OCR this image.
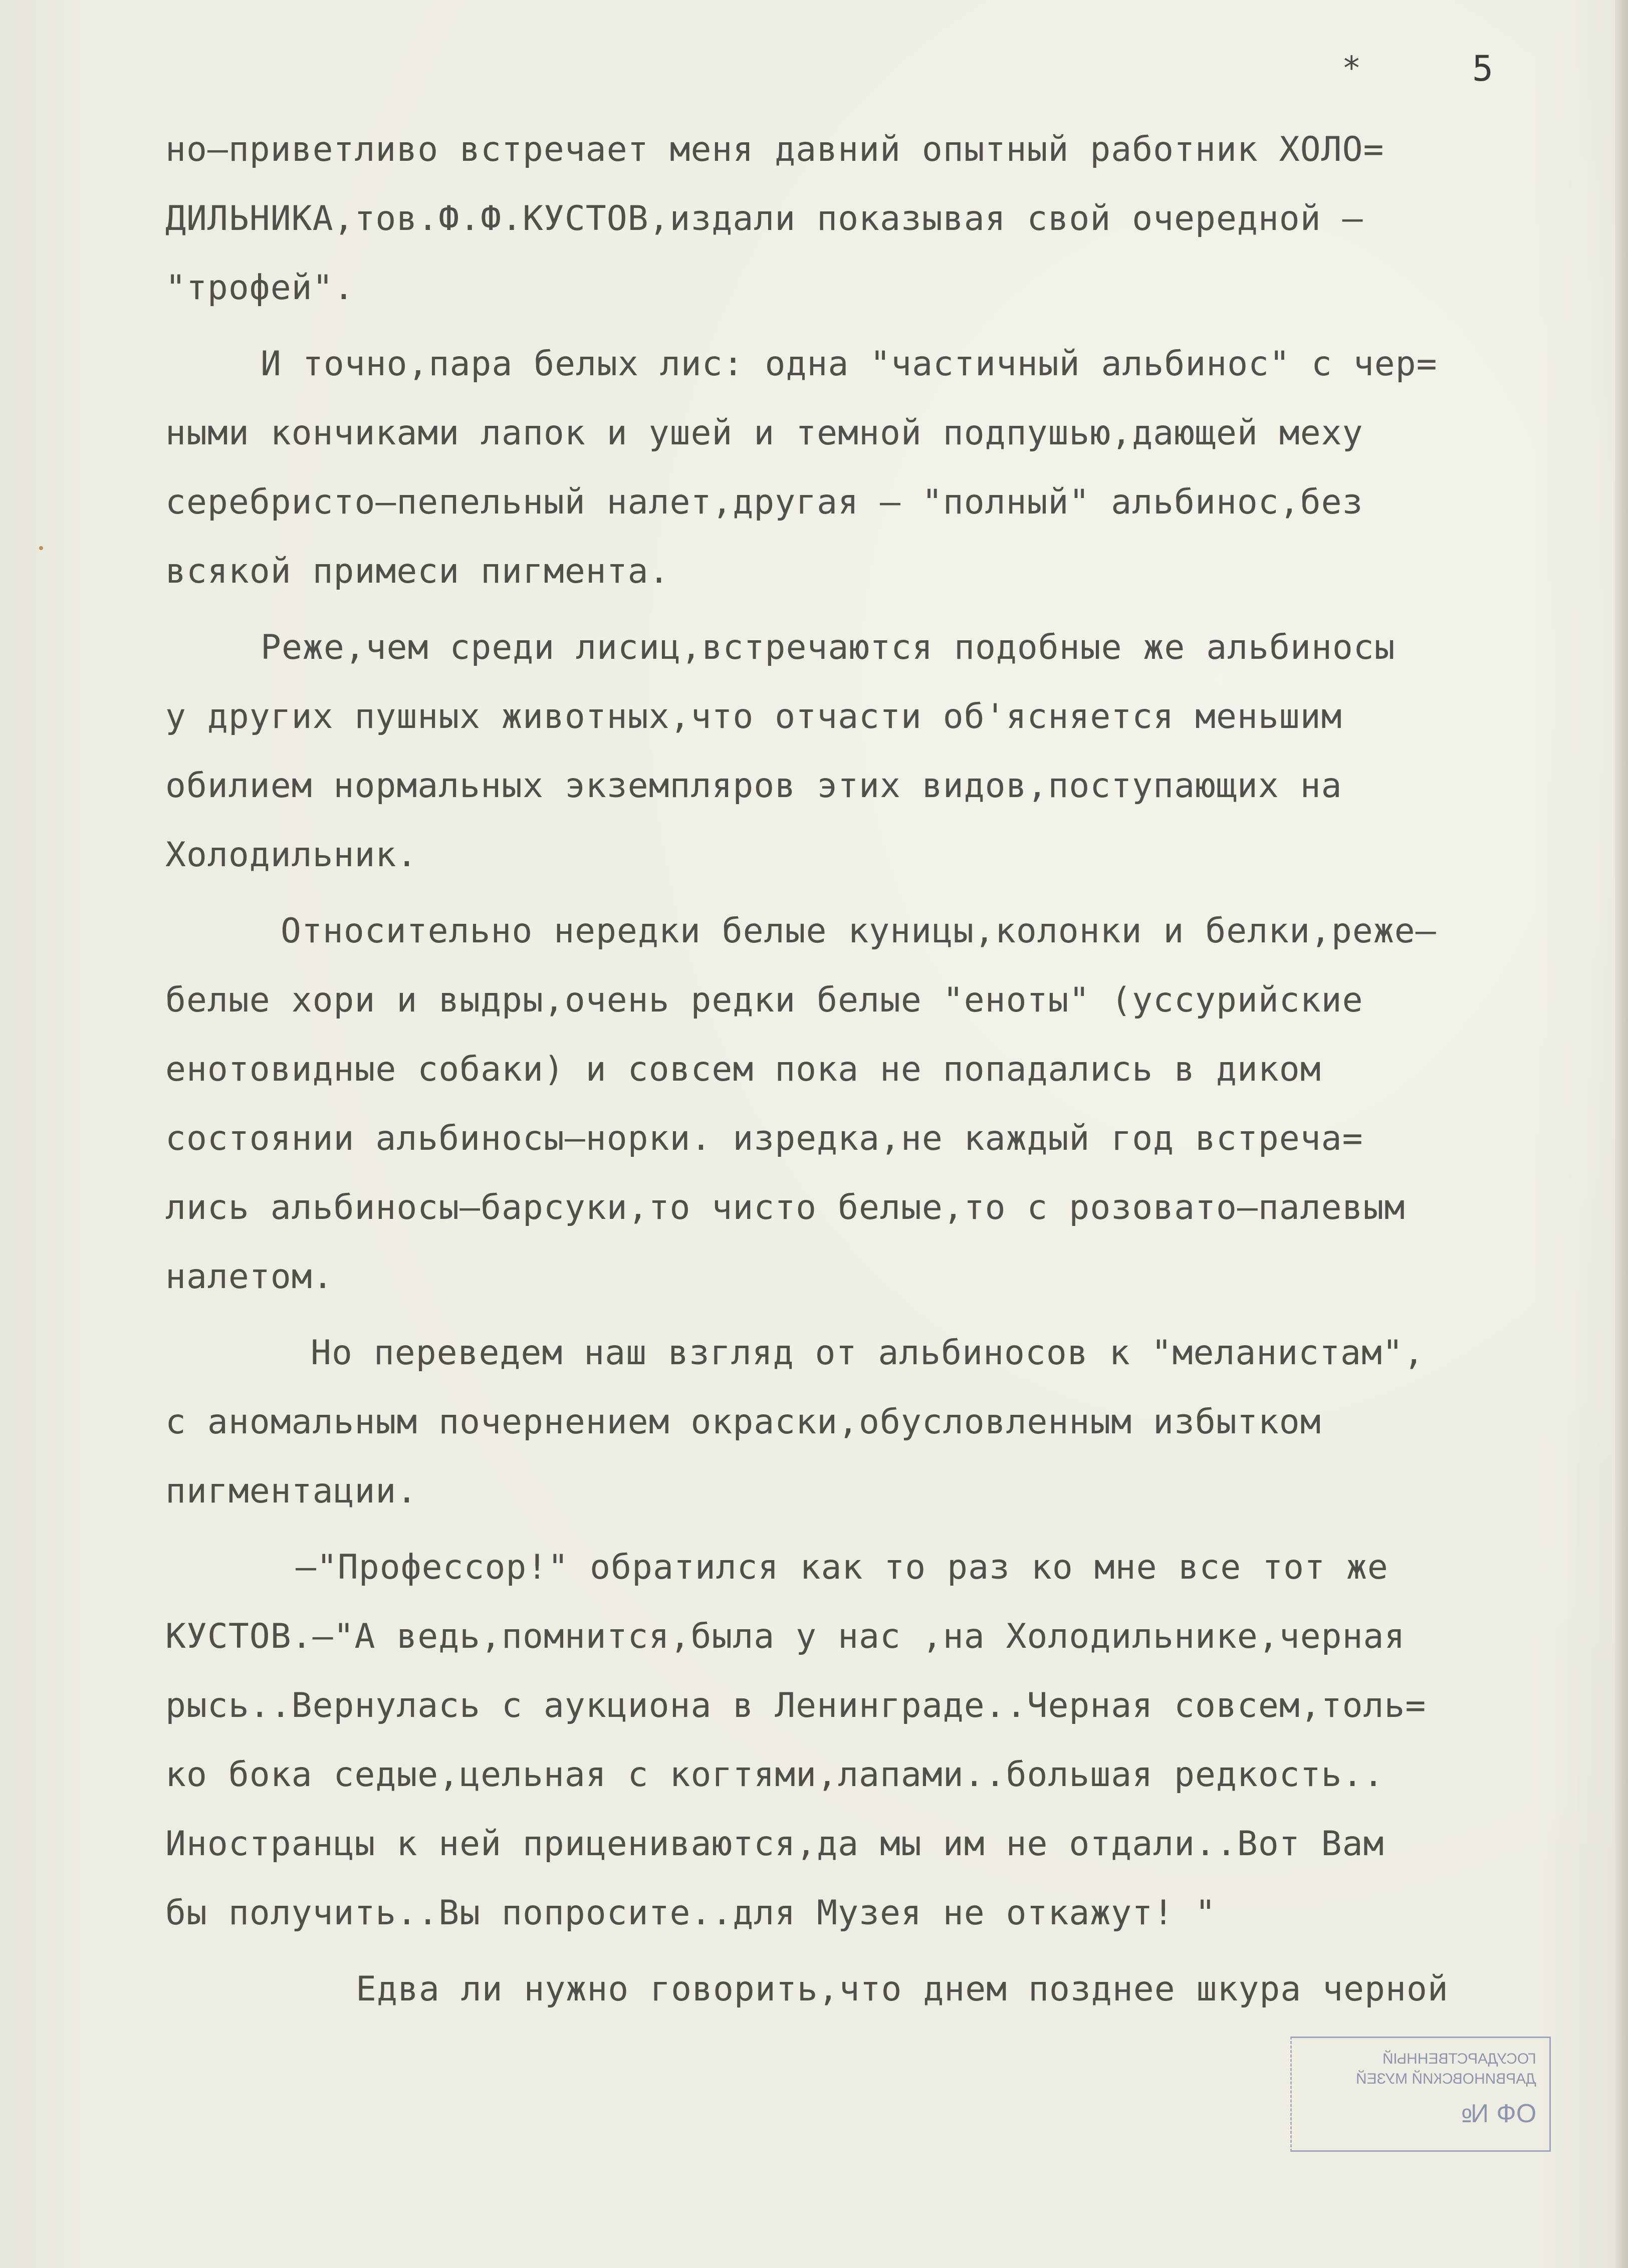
*	5
но–приветливо встречает меня давний опытный работник ХОЛО=
ДИЛЬНИКА,тов.Ф.Ф.КУСТОВ,издали показывая свой очередной –
"трофей".
И точно,пара белых лис: одна "частичный альбинос" с чер=
ными кончиками лапок и ушей и темной подпушью,дающей меху
серебристо–пепельный налет,другая – "полный" альбинос,без
всякой примеси пигмента.
Реже,чем среди лисиц,встречаются подобные же альбиносы
у других пушных животных,что отчасти об'ясняется меньшим
обилием нормальных экземпляров этих видов,поступающих на
Холодильник.
Относительно нередки белые куницы,колонки и белки,реже–
белые хори и выдры,очень редки белые "еноты" (уссурийские
енотовидные собаки) и совсем пока не попадались в диком
состоянии альбиносы–норки. изредка,не каждый год встреча=
лись альбиносы–барсуки,то чисто белые,то с розовато–палевым
налетом.
Но переведем наш взгляд от альбиносов к "меланистам",
с аномальным почернением окраски,обусловленным избытком
пигментации.
–"Профессор!" обратился как то раз ко мне все тот же
КУСТОВ.–"А ведь,помнится,была у нас ,на Холодильнике,черная
рысь..Вернулась с аукциона в Ленинграде..Черная совсем,толь=
ко бока седые,цельная с когтями,лапами..большая редкость..
Иностранцы к ней прицениваются,да мы им не отдали..Вот Вам
бы получить..Вы попросите..для Музея не откажут! "
Едва ли нужно говорить,что днем позднее шкура черной
ГОСУДАРСТВЕННЫЙ
ДАРВИНОВСКИЙ МУЗЕЙ
ОФ №
